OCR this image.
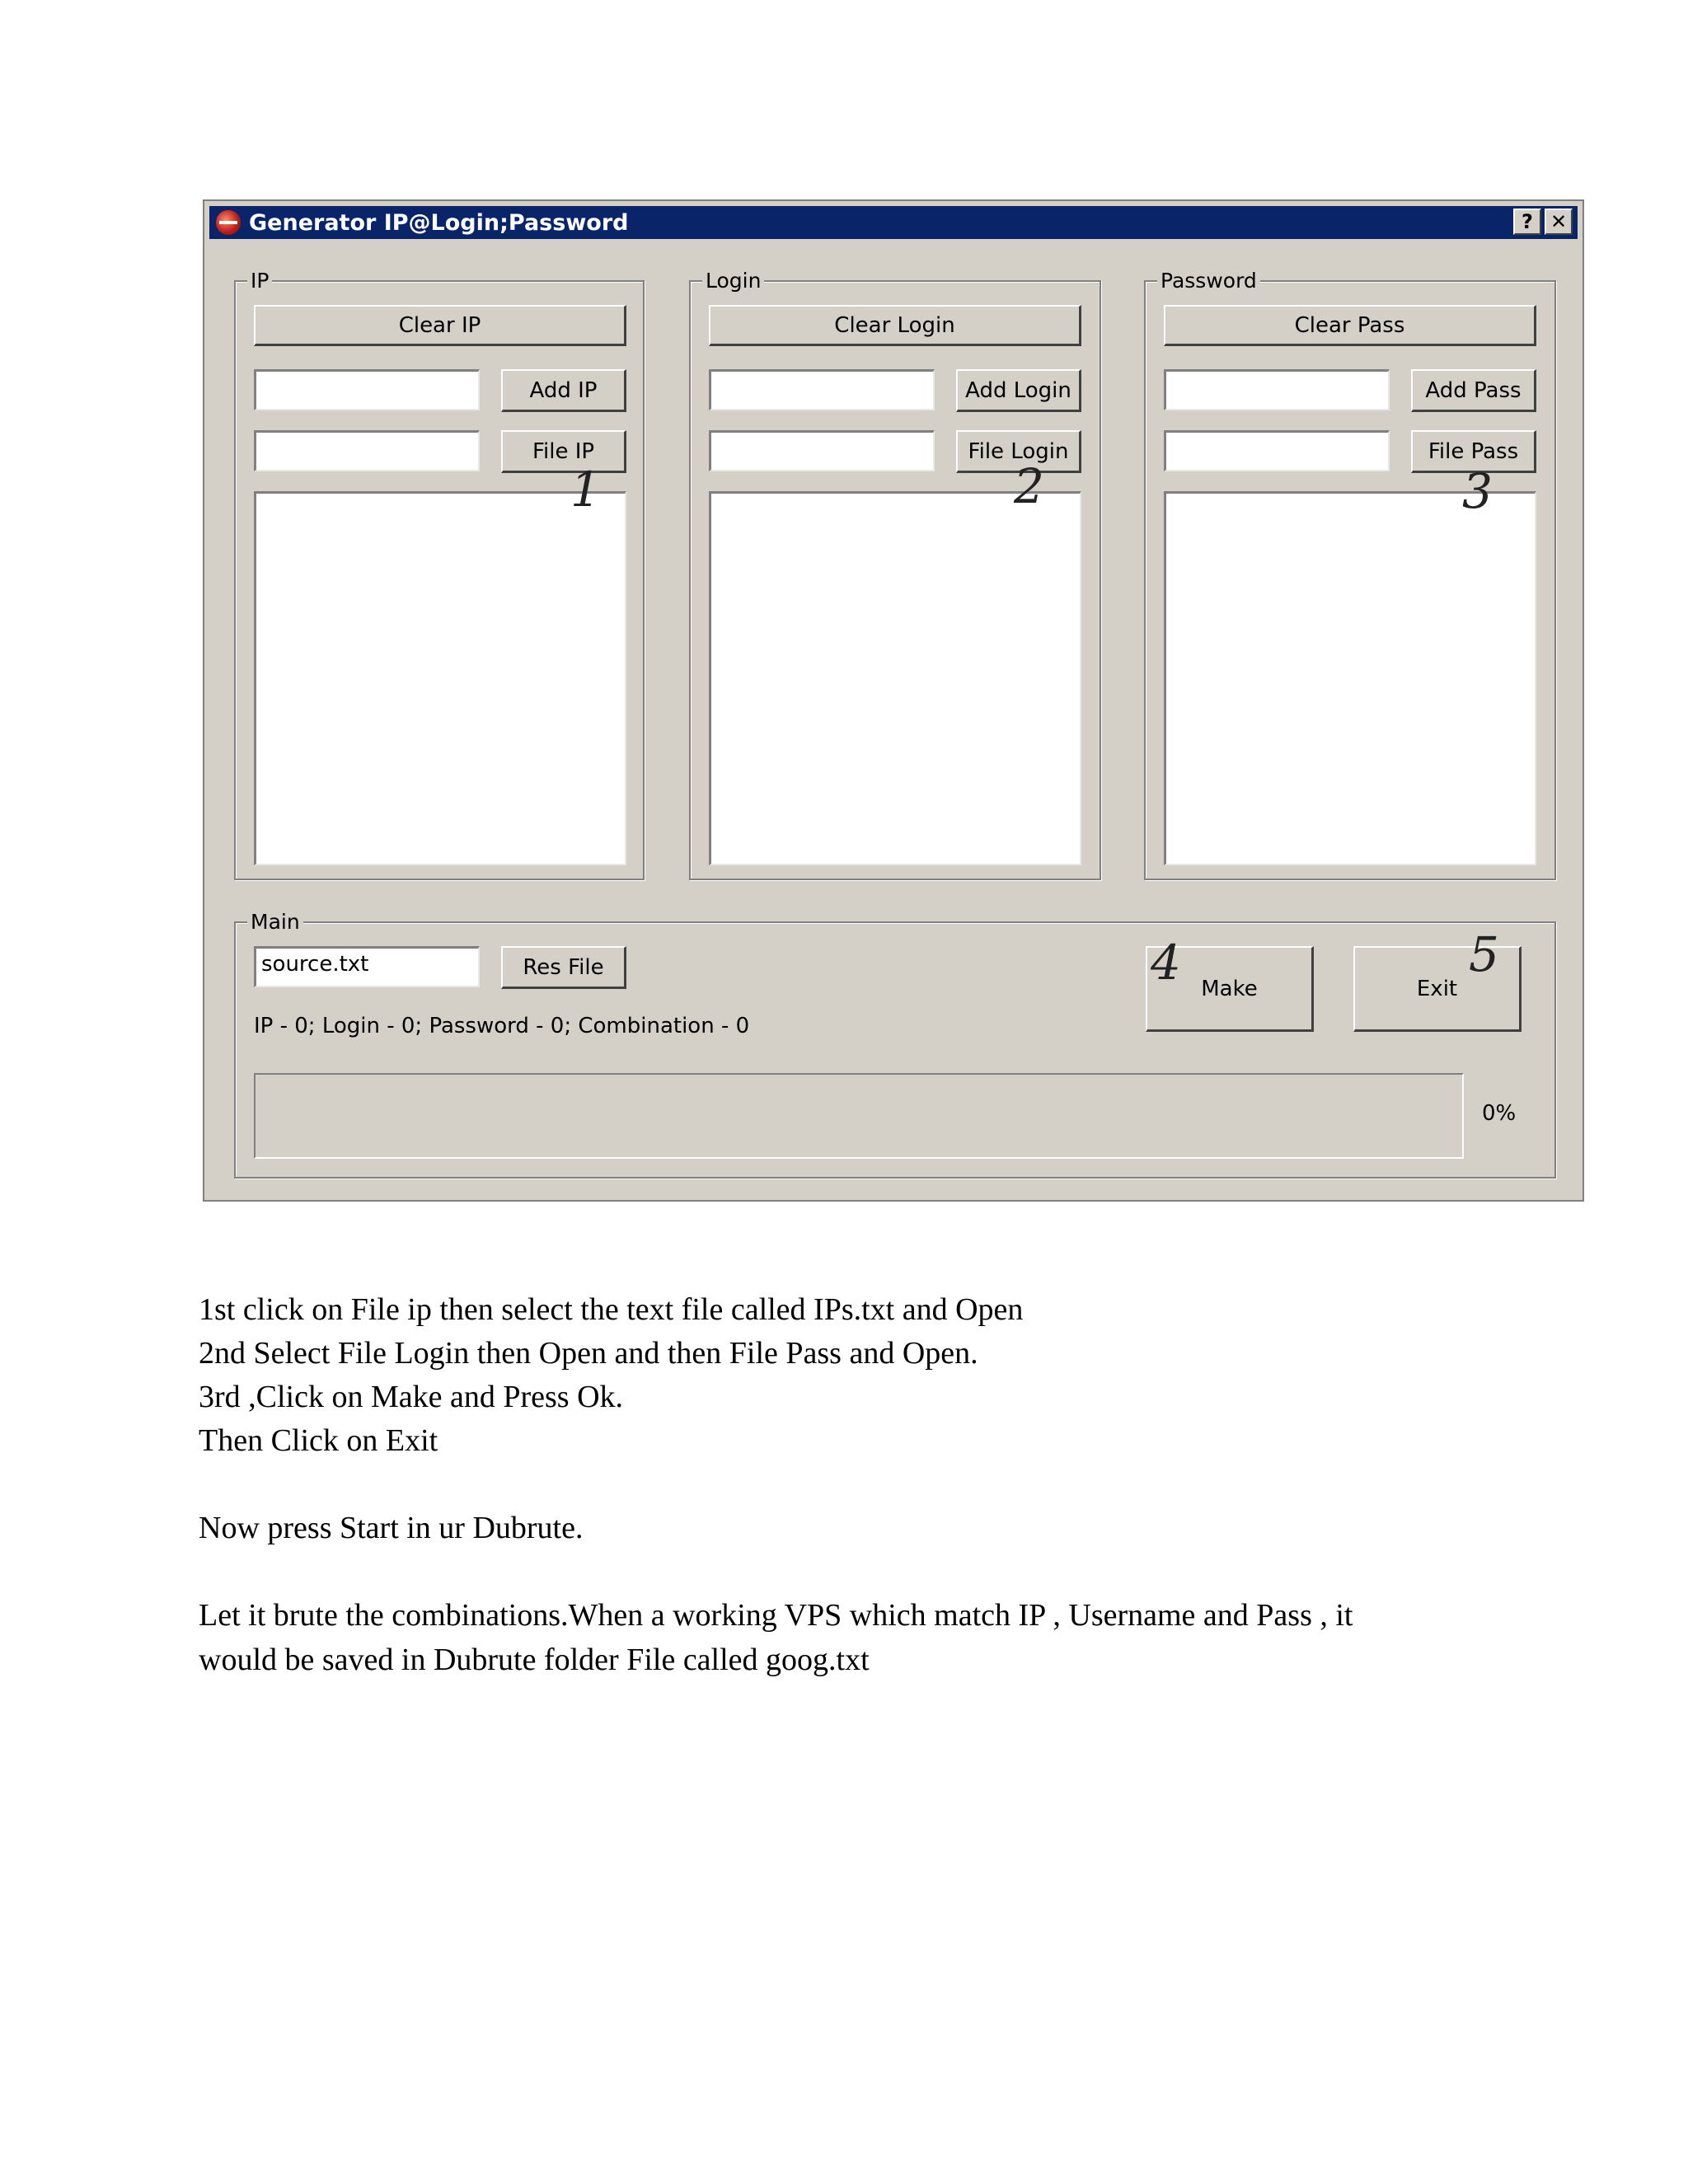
Generator IP@Login;Password	? ✕
IP
Clear IP
Add IP
File IP
1
Login
Clear Login
Add Login
File Login
2
Password
Clear Pass
Add Pass
File Pass
3
Main
source.txt	Res File
IP - 0; Login - 0; Password - 0; Combination - 0
Make
4	Exit
5
0%
1st click on File ip then select the text file called IPs.txt and Open
2nd Select File Login then Open and then File Pass and Open.
3rd ,Click on Make and Press Ok.
Then Click on Exit
Now press Start in ur Dubrute.
Let it brute the combinations.When a working VPS which match IP , Username and Pass , it
would be saved in Dubrute folder File called goog.txt
